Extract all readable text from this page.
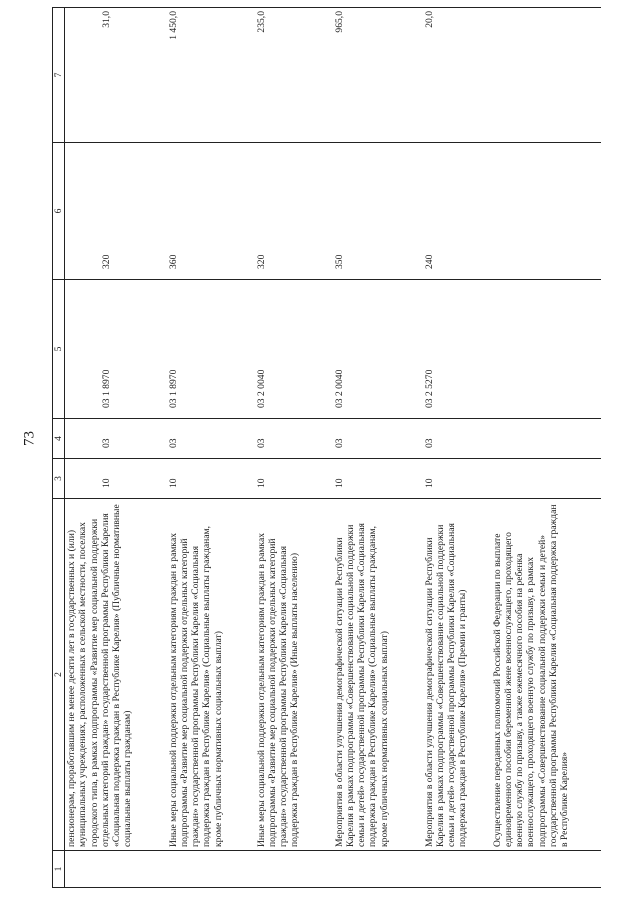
73
1	2	3	4	5	6	7
	пенсионерам, проработавшим не менее десяти лет в государственных и (или) муниципальных учреждениях, расположенных в сельской местности, поселках городского типа, в рамках подпрограммы «Развитие мер социальной поддержки отдельных категорий граждан» государственной программы Республики Карелия «Социальная поддержка граждан в Республике Карелия» (Публичные нормативные социальные выплаты гражданам)	10	03	03 1 8970	320	31,0
	Иные меры социальной поддержки отдельным категориям граждан в рамках подпрограммы «Развитие мер социальной поддержки отдельных категорий граждан» государственной программы Республики Карелия «Социальная поддержка граждан в Республике Карелия» (Социальные выплаты гражданам, кроме публичных нормативных социальных выплат)	10	03	03 1 8970	360	1 450,0
	Иные меры социальной поддержки отдельным категориям граждан в рамках подпрограммы «Развитие мер социальной поддержки отдельных категорий граждан» государственной программы Республики Карелия «Социальная поддержка граждан в Республике Карелия» (Иные выплаты населению)	10	03	03 2 0040	320	235,0
	Мероприятия в области улучшения демографической ситуации Республики Карелия в рамках подпрограммы «Совершенствование социальной поддержки семьи и детей» государственной программы Республики Карелия «Социальная поддержка граждан в Республике Карелия» (Социальные выплаты гражданам, кроме публичных нормативных социальных выплат)	10	03	03 2 0040	350	965,0
	Мероприятия в области улучшения демографической ситуации Республики Карелия в рамках подпрограммы «Совершенствование социальной поддержки семьи и детей» государственной программы Республики Карелия «Социальная поддержка граждан в Республике Карелия» (Премии и гранты)	10	03	03 2 5270	240	20,0
	Осуществление переданных полномочий Российской Федерации по выплате единовременного пособия беременной жене военнослужащего, проходящего военную службу по призыву, а также ежемесячного пособия на ребенка военнослужащего, проходящего военную службу по призыву, в рамках подпрограммы «Совершенствование социальной поддержки семьи и детей» государственной программы Республики Карелия «Социальная поддержка граждан в Республике Карелия»					
